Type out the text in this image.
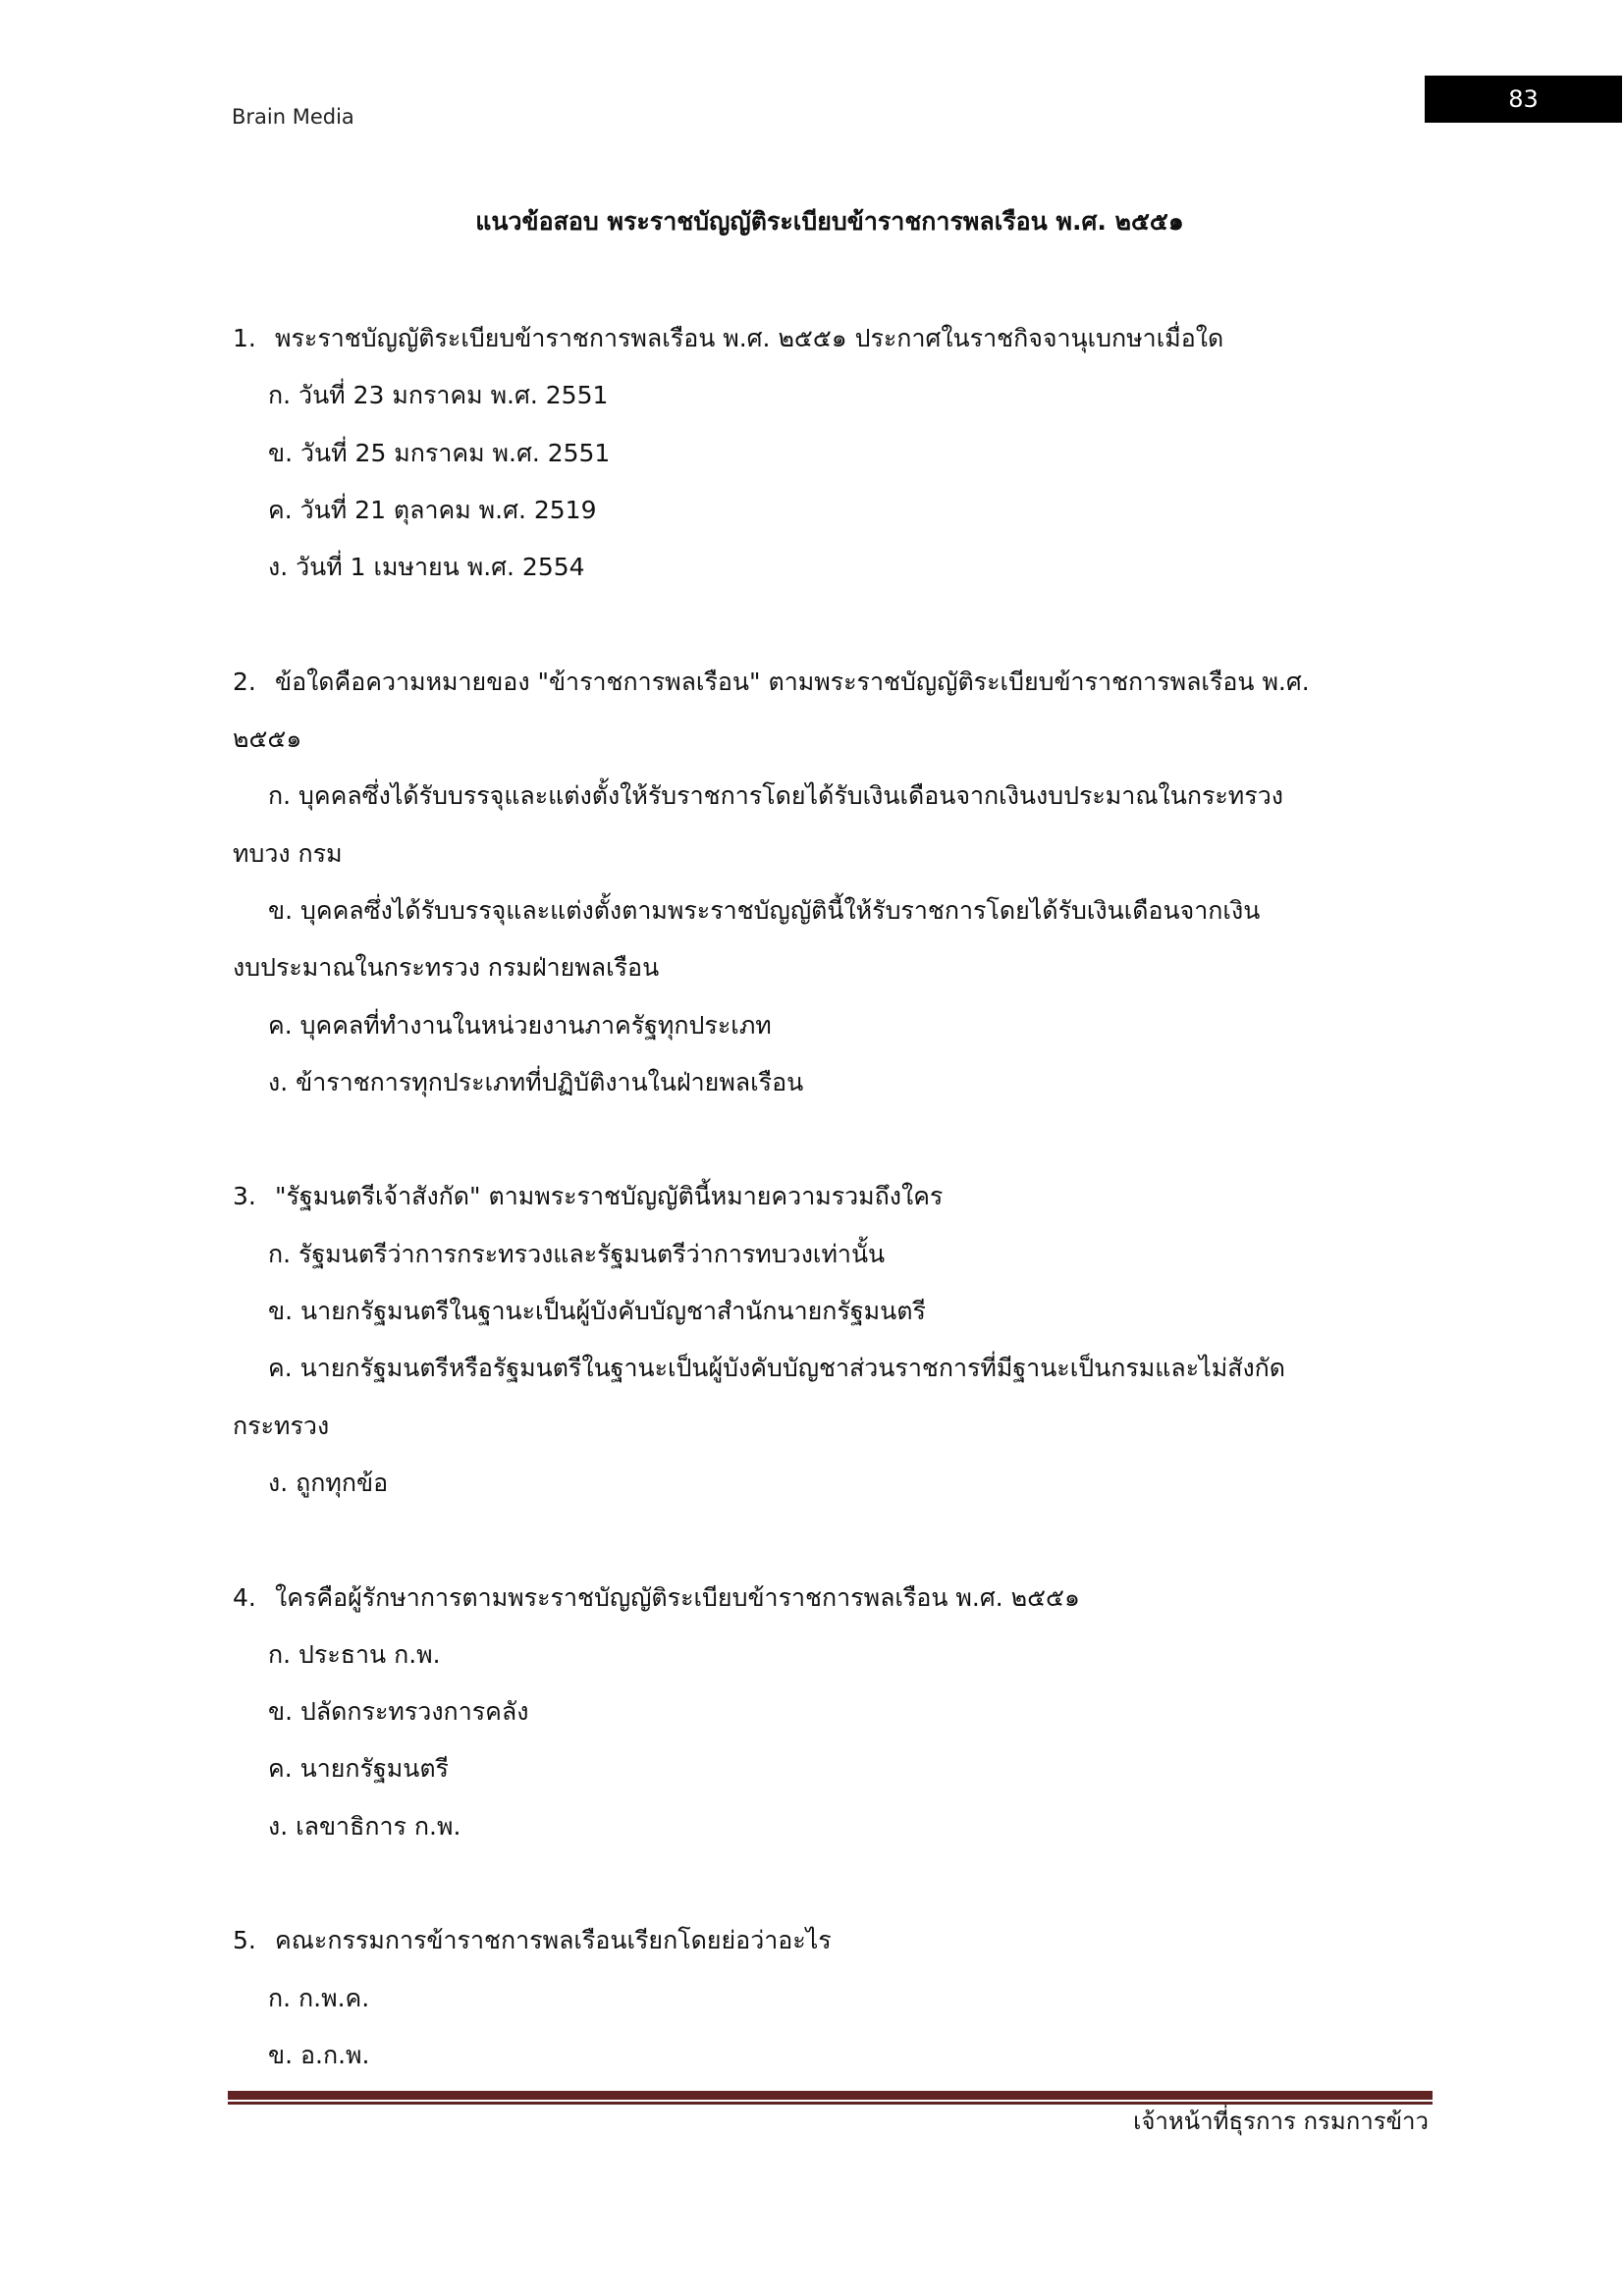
Brain Media
83
แนวข้อสอบ พระราชบัญญัติระเบียบข้าราชการพลเรือน พ.ศ. ๒๕๕๑
1. พระราชบัญญัติระเบียบข้าราชการพลเรือน พ.ศ. ๒๕๕๑ ประกาศในราชกิจจานุเบกษาเมื่อใด
ก. วันที่ 23 มกราคม พ.ศ. 2551
ข. วันที่ 25 มกราคม พ.ศ. 2551
ค. วันที่ 21 ตุลาคม พ.ศ. 2519
ง. วันที่ 1 เมษายน พ.ศ. 2554
2. ข้อใดคือความหมายของ "ข้าราชการพลเรือน" ตามพระราชบัญญัติระเบียบข้าราชการพลเรือน พ.ศ.
๒๕๕๑
ก. บุคคลซึ่งได้รับบรรจุและแต่งตั้งให้รับราชการโดยได้รับเงินเดือนจากเงินงบประมาณในกระทรวง
ทบวง กรม
ข. บุคคลซึ่งได้รับบรรจุและแต่งตั้งตามพระราชบัญญัตินี้ให้รับราชการโดยได้รับเงินเดือนจากเงิน
งบประมาณในกระทรวง กรมฝ่ายพลเรือน
ค. บุคคลที่ทำงานในหน่วยงานภาครัฐทุกประเภท
ง. ข้าราชการทุกประเภทที่ปฏิบัติงานในฝ่ายพลเรือน
3. "รัฐมนตรีเจ้าสังกัด" ตามพระราชบัญญัตินี้หมายความรวมถึงใคร
ก. รัฐมนตรีว่าการกระทรวงและรัฐมนตรีว่าการทบวงเท่านั้น
ข. นายกรัฐมนตรีในฐานะเป็นผู้บังคับบัญชาสำนักนายกรัฐมนตรี
ค. นายกรัฐมนตรีหรือรัฐมนตรีในฐานะเป็นผู้บังคับบัญชาส่วนราชการที่มีฐานะเป็นกรมและไม่สังกัด
กระทรวง
ง. ถูกทุกข้อ
4. ใครคือผู้รักษาการตามพระราชบัญญัติระเบียบข้าราชการพลเรือน พ.ศ. ๒๕๕๑
ก. ประธาน ก.พ.
ข. ปลัดกระทรวงการคลัง
ค. นายกรัฐมนตรี
ง. เลขาธิการ ก.พ.
5. คณะกรรมการข้าราชการพลเรือนเรียกโดยย่อว่าอะไร
ก. ก.พ.ค.
ข. อ.ก.พ.
เจ้าหน้าที่ธุรการ กรมการข้าว
